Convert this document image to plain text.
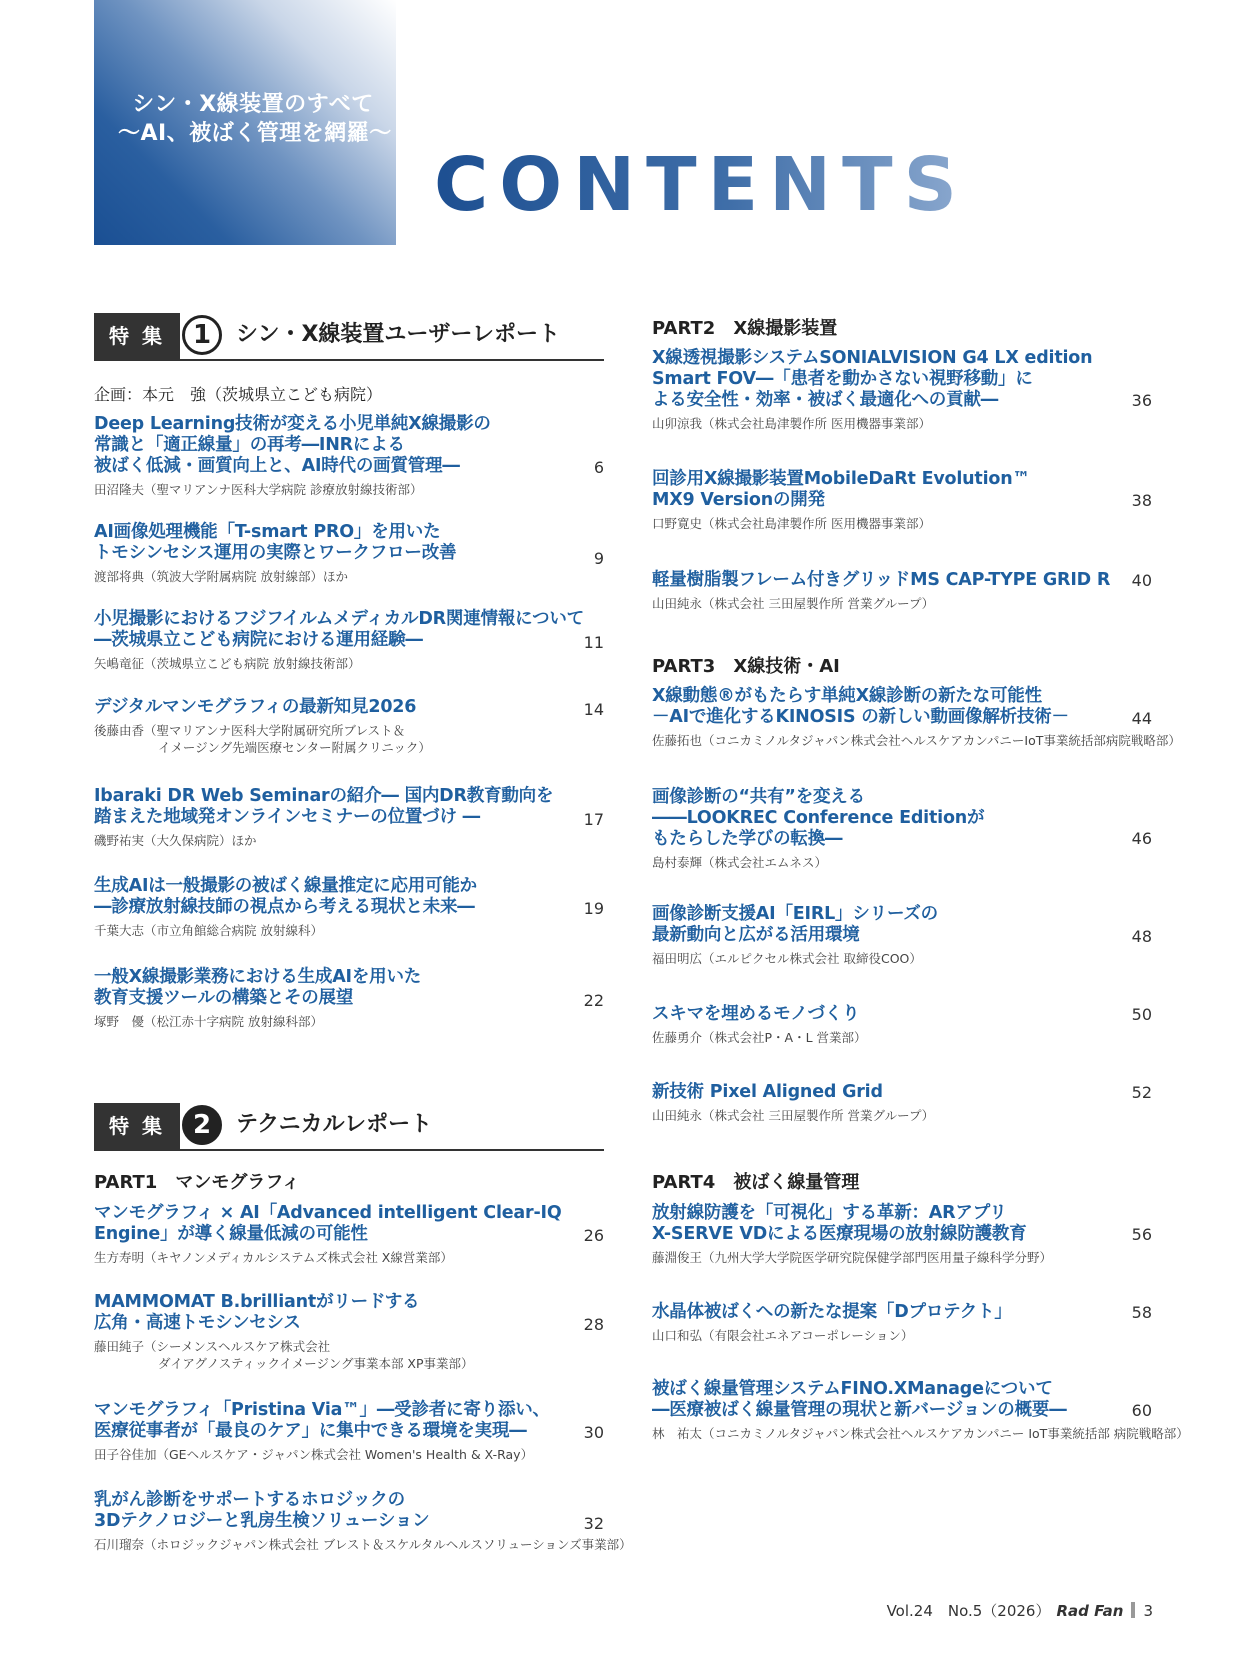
シン・X線装置のすべて
〜AI、被ばく管理を網羅〜
CONTENTS
特 集	1	シン・X線装置ユーザーレポート
企画：本元　強（茨城県立こども病院）
Deep Learning技術が変える小児単純X線撮影の
常識と「適正線量」の再考―INRによる
被ばく低減・画質向上と、AI時代の画質管理―
田沼隆夫（聖マリアンナ医科大学病院 診療放射線技術部）
6
AI画像処理機能「T-smart PRO」を用いた
トモシンセシス運用の実際とワークフロー改善
渡部将典（筑波大学附属病院 放射線部）ほか
9
小児撮影におけるフジフイルムメディカルDR関連情報について
―茨城県立こども病院における運用経験―
矢嶋竜征（茨城県立こども病院 放射線技術部）
11
デジタルマンモグラフィの最新知見2026
後藤由香（聖マリアンナ医科大学附属研究所ブレスト＆
イメージング先端医療センター附属クリニック）
14
Ibaraki DR Web Seminarの紹介― 国内DR教育動向を
踏まえた地域発オンラインセミナーの位置づけ ―
磯野祐実（大久保病院）ほか
17
生成AIは一般撮影の被ばく線量推定に応用可能か
―診療放射線技師の視点から考える現状と未来―
千葉大志（市立角館総合病院 放射線科）
19
一般X線撮影業務における生成AIを用いた
教育支援ツールの構築とその展望
塚野　優（松江赤十字病院 放射線科部）
22
特 集	2	テクニカルレポート
PART1 マンモグラフィ
マンモグラフィ × AI「Advanced intelligent Clear-IQ
Engine」が導く線量低減の可能性
生方寿明（キヤノンメディカルシステムズ株式会社 X線営業部）
26
MAMMOMAT B.brilliantがリードする
広角・高速トモシンセシス
藤田純子（シーメンスヘルスケア株式会社
ダイアグノスティックイメージング事業本部 XP事業部）
28
マンモグラフィ「Pristina Via™」―受診者に寄り添い、
医療従事者が「最良のケア」に集中できる環境を実現―
田子谷佳加（GEヘルスケア・ジャパン株式会社 Women's Health & X-Ray）
30
乳がん診断をサポートするホロジックの
3Dテクノロジーと乳房生検ソリューション
石川瑠奈（ホロジックジャパン株式会社 ブレスト＆スケルタルヘルスソリューションズ事業部）
32
PART2 X線撮影装置
X線透視撮影システムSONIALVISION G4 LX edition
Smart FOV―「患者を動かさない視野移動」に
よる安全性・効率・被ばく最適化への貢献―
山卯涼我（株式会社島津製作所 医用機器事業部）
36
回診用X線撮影装置MobileDaRt Evolution™
MX9 Versionの開発
口野寛史（株式会社島津製作所 医用機器事業部）
38
軽量樹脂製フレーム付きグリッドMS CAP-TYPE GRID R
山田純永（株式会社 三田屋製作所 営業グループ）
40
PART3 X線技術・AI
X線動態®がもたらす単純X線診断の新たな可能性
－AIで進化するKINOSIS の新しい動画像解析技術－
佐藤拓也（コニカミノルタジャパン株式会社ヘルスケアカンパニーIoT事業統括部病院戦略部）
44
画像診断の“共有”を変える
――LOOKREC Conference Editionが
もたらした学びの転換―
島村泰輝（株式会社エムネス）
46
画像診断支援AI「EIRL」シリーズの
最新動向と広がる活用環境
福田明広（エルピクセル株式会社 取締役COO）
48
スキマを埋めるモノづくり
佐藤勇介（株式会社P・A・L 営業部）
50
新技術 Pixel Aligned Grid
山田純永（株式会社 三田屋製作所 営業グループ）
52
PART4 被ばく線量管理
放射線防護を「可視化」する革新：ARアプリ
X-SERVE VDによる医療現場の放射線防護教育
藤淵俊王（九州大学大学院医学研究院保健学部門医用量子線科学分野）
56
水晶体被ばくへの新たな提案「Dプロテクト」
山口和弘（有限会社エネアコーポレーション）
58
被ばく線量管理システムFINO.XManageについて
―医療被ばく線量管理の現状と新バージョンの概要―
林　祐太（コニカミノルタジャパン株式会社ヘルスケアカンパニー IoT事業統括部 病院戦略部）
60
Vol.24　No.5（2026） Rad Fan 3
